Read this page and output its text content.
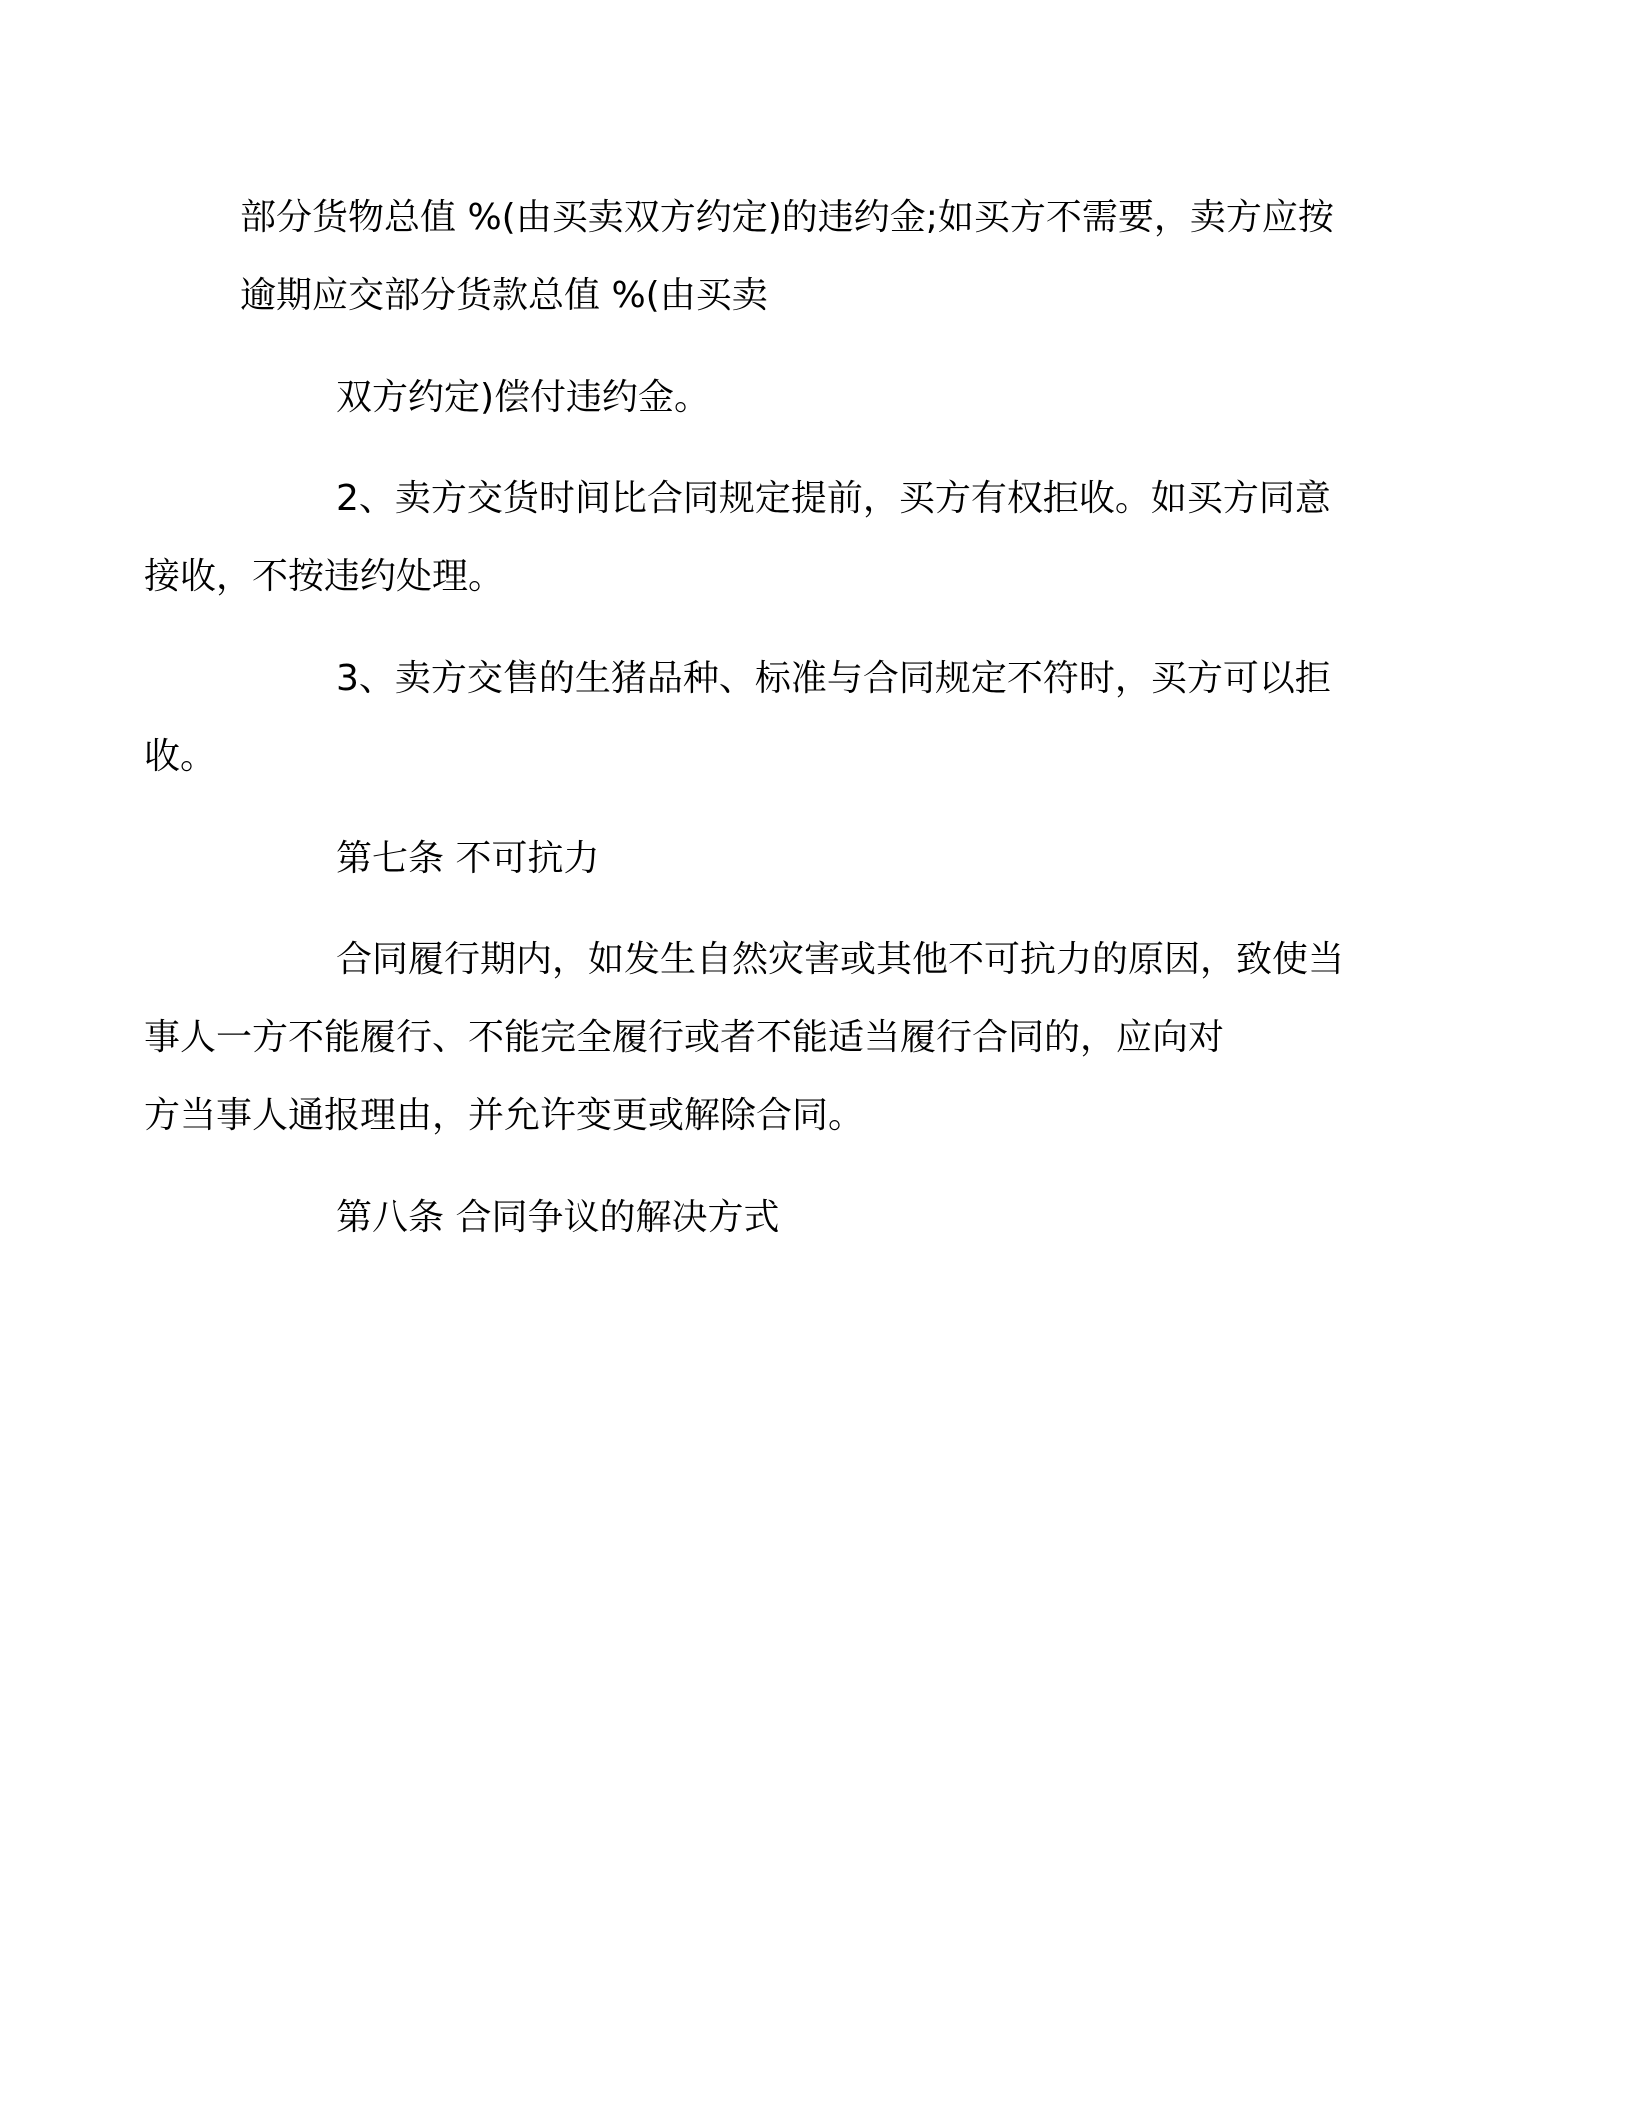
部分货物总值 %(由买卖双方约定)的违约金;如买方不需要，卖方应按
逾期应交部分货款总值 %(由买卖

双方约定)偿付违约金。

2、卖方交货时间比合同规定提前，买方有权拒收。如买方同意
接收，不按违约处理。

3、卖方交售的生猪品种、标准与合同规定不符时，买方可以拒
收。

第七条 不可抗力

合同履行期内，如发生自然灾害或其他不可抗力的原因，致使当
事人一方不能履行、不能完全履行或者不能适当履行合同的，应向对
方当事人通报理由，并允许变更或解除合同。

第八条 合同争议的解决方式
